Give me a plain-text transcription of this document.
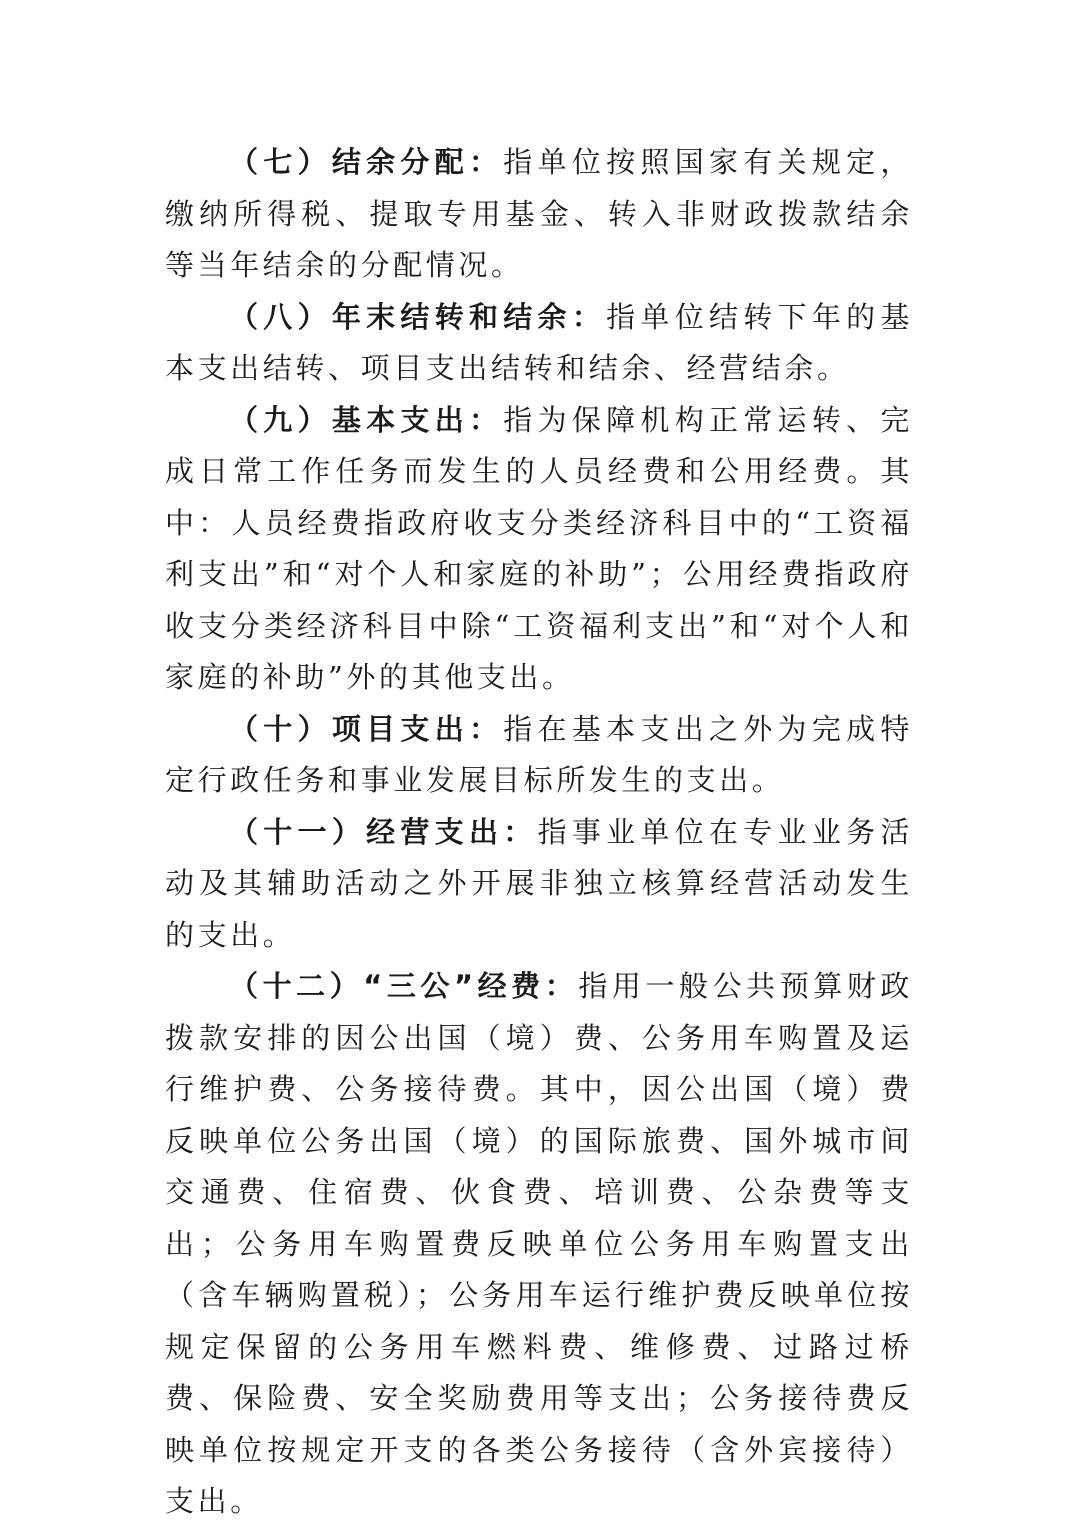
（七）结余分配：指单位按照国家有关规定，缴纳所得税、提取专用基金、转入非财政拨款结余等当年结余的分配情况。

（八）年末结转和结余：指单位结转下年的基本支出结转、项目支出结转和结余、经营结余。

（九）基本支出：指为保障机构正常运转、完成日常工作任务而发生的人员经费和公用经费。其中：人员经费指政府收支分类经济科目中的“工资福利支出”和“对个人和家庭的补助”；公用经费指政府收支分类经济科目中除“工资福利支出”和“对个人和家庭的补助”外的其他支出。

（十）项目支出：指在基本支出之外为完成特定行政任务和事业发展目标所发生的支出。

（十一）经营支出：指事业单位在专业业务活动及其辅助活动之外开展非独立核算经营活动发生的支出。

（十二）“三公”经费：指用一般公共预算财政拨款安排的因公出国（境）费、公务用车购置及运行维护费、公务接待费。其中，因公出国（境）费反映单位公务出国（境）的国际旅费、国外城市间交通费、住宿费、伙食费、培训费、公杂费等支出；公务用车购置费反映单位公务用车购置支出（含车辆购置税）；公务用车运行维护费反映单位按规定保留的公务用车燃料费、维修费、过路过桥费、保险费、安全奖励费用等支出；公务接待费反映单位按规定开支的各类公务接待（含外宾接待）支出。
